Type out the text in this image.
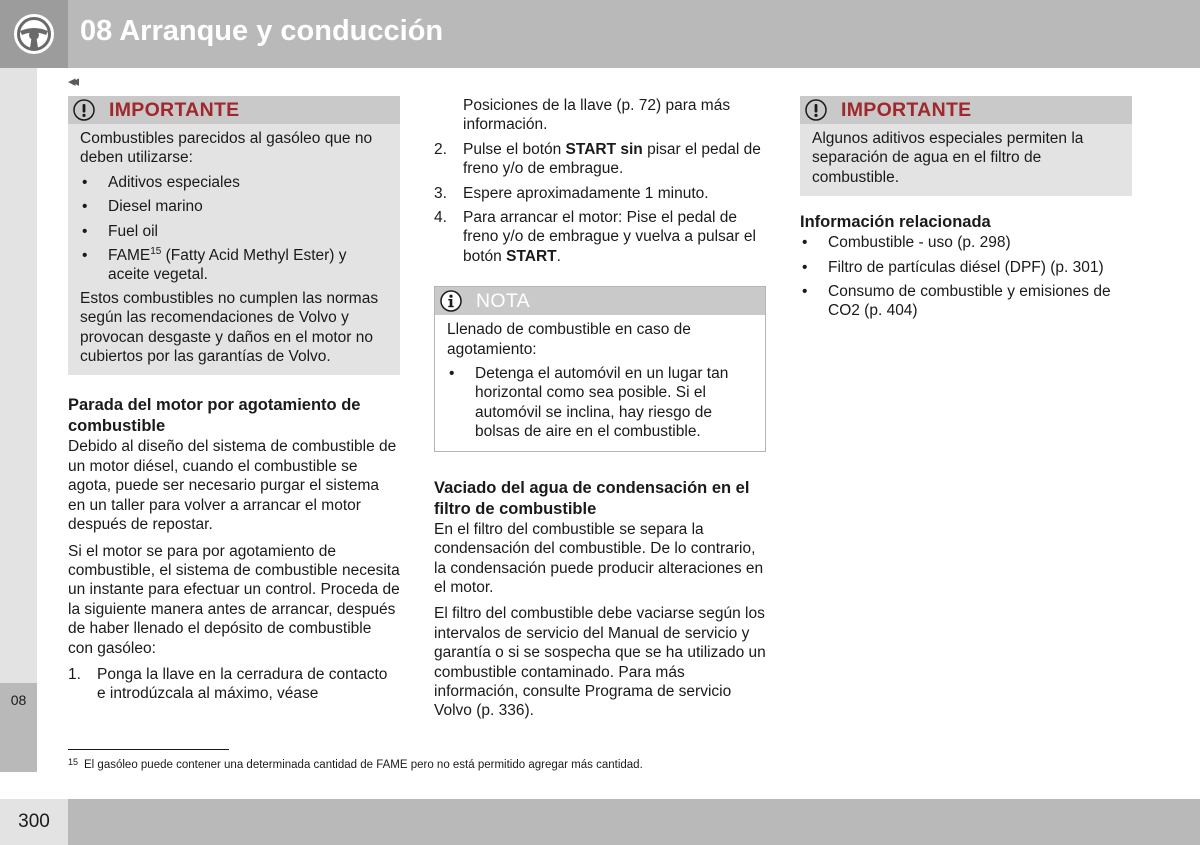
08 Arranque y conducción
08
◂◂
IMPORTANTE

Combustibles parecidos al gasóleo que no deben utilizarse:

• Aditivos especiales
• Diesel marino
• Fuel oil
• FAME$^{15}$ (Fatty Acid Methyl Ester) y aceite vegetal.

Estos combustibles no cumplen las normas según las recomendaciones de Volvo y provocan desgaste y daños en el motor no cubiertos por las garantías de Volvo.

Parada del motor por agotamiento de combustible

Debido al diseño del sistema de combustible de un motor diésel, cuando el combustible se agota, puede ser necesario purgar el sistema en un taller para volver a arrancar el motor después de repostar.

Si el motor se para por agotamiento de combustible, el sistema de combustible necesita un instante para efectuar un control. Proceda de la siguiente manera antes de arrancar, después de haber llenado el depósito de combustible con gasóleo:

1. Ponga la llave en la cerradura de contacto e introdúzcala al máximo, véase
Posiciones de la llave (p. 72) para más información.
2. Pulse el botón START sin pisar el pedal de freno y/o de embrague.
3. Espere aproximadamente 1 minuto.
4. Para arrancar el motor: Pise el pedal de freno y/o de embrague y vuelva a pulsar el botón START.
NOTA

Llenado de combustible en caso de agotamiento:

• Detenga el automóvil en un lugar tan horizontal como sea posible. Si el automóvil se inclina, hay riesgo de bolsas de aire en el combustible.
Vaciado del agua de condensación en el filtro de combustible

En el filtro del combustible se separa la condensación del combustible. De lo contrario, la condensación puede producir alteraciones en el motor.

El filtro del combustible debe vaciarse según los intervalos de servicio del Manual de servicio y garantía o si se sospecha que se ha utilizado un combustible contaminado. Para más información, consulte Programa de servicio Volvo (p. 336).

IMPORTANTE

Algunos aditivos especiales permiten la separación de agua en el filtro de combustible.

Información relacionada
• Combustible - uso (p. 298)
• Filtro de partículas diésel (DPF) (p. 301)
• Consumo de combustible y emisiones de CO2 (p. 404)
$^{15}$ El gasóleo puede contener una determinada cantidad de FAME pero no está permitido agregar más cantidad.
300
